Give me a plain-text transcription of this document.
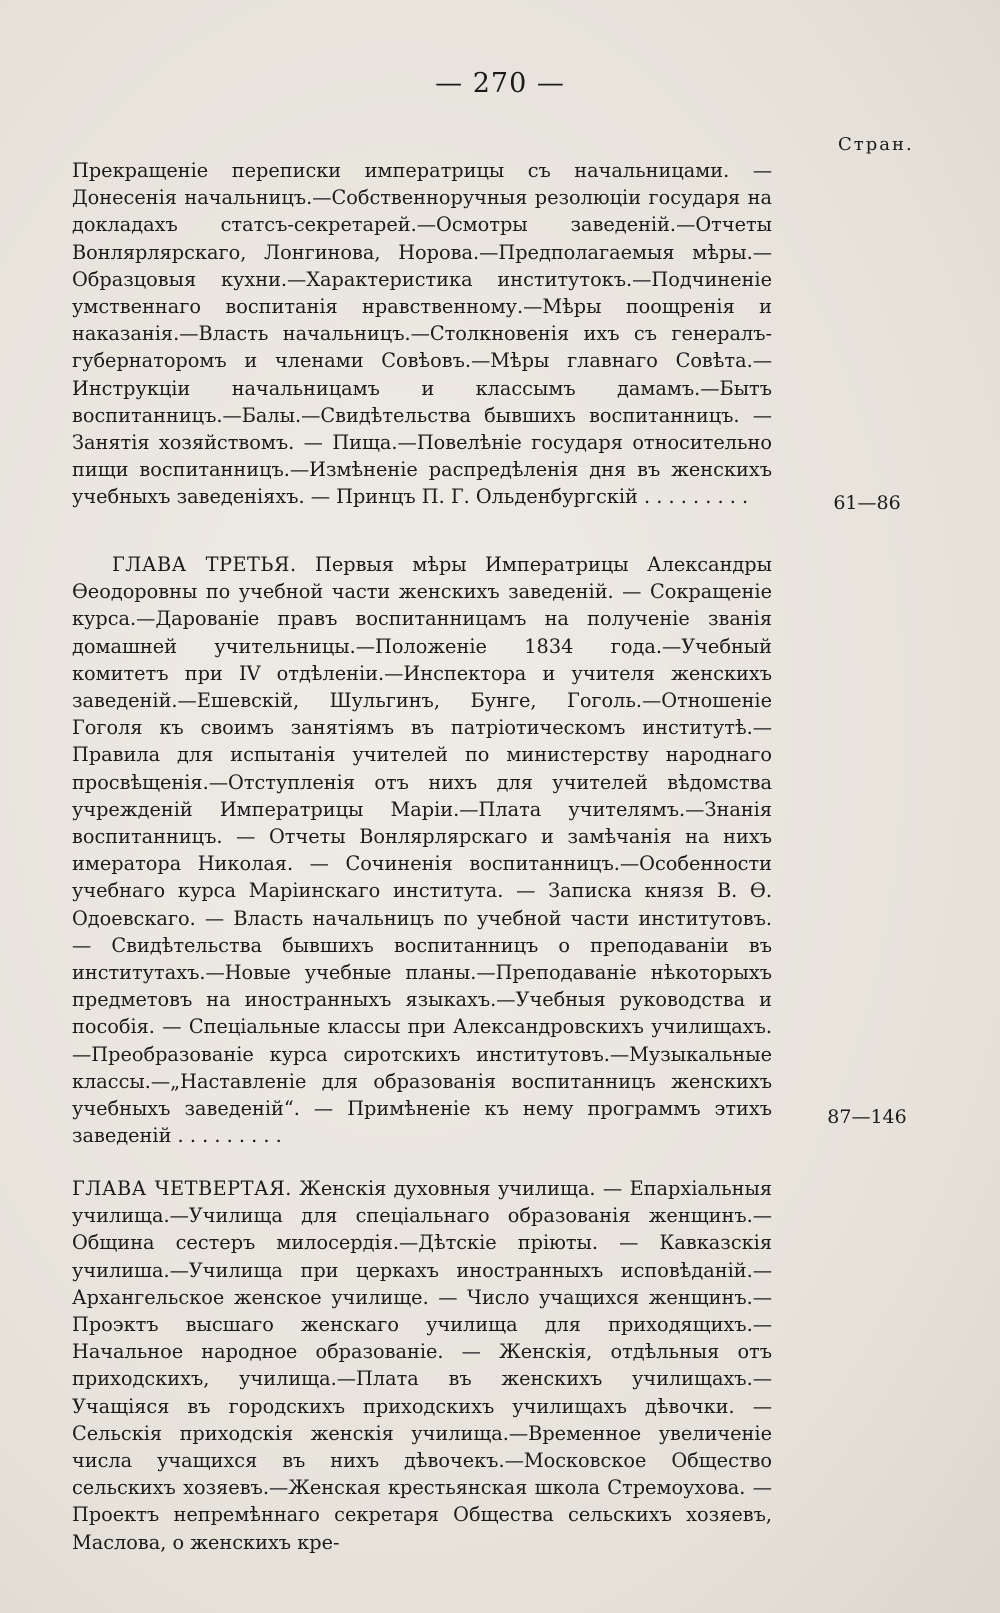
— 270 —
Стран.

Прекращенiе переписки императрицы съ начальницами. — Донесенiя начальницъ.—Собственноручныя резолюцiи государя на докладахъ статсъ-секретарей.—Осмотры заведенiй.—Отчеты Вонлярлярскаго, Лонгинова, Норова.—Предполагаемыя мѣры.—Образцовыя кухни.—Характеристика институтокъ.—Подчиненiе умственнаго воспитанiя нравственному.—Мѣры поощренiя и наказанiя.—Власть начальницъ.—Столкновенiя ихъ съ генералъ-губернаторомъ и членами Совѣовъ.—Мѣры главнаго Совѣта.—Инструкцiи начальницамъ и классымъ дамамъ.—Бытъ воспитанницъ.—Балы.—Свидѣтельства бывшихъ воспитанницъ. — Занятiя хозяйствомъ. — Пища.—Повелѣнiе государя относительно пищи воспитанницъ.—Измѣненiе распредѣленiя дня въ женскихъ учебныхъ заведенiяхъ. — Принцъ П. Г. Ольденбургскiй . . . . . . . . .	61—86

ГЛАВА ТРЕТЬЯ. Первыя мѣры Императрицы Александры Өеодоровны по учебной части женскихъ заведенiй. — Сокращенiе курса.—Дарованiе правъ воспитанницамъ на полученiе званiя домашней учительницы.—Положенiе 1834 года.—Учебный комитетъ при IV отдѣленiи.—Инспектора и учителя женскихъ заведенiй.—Ешевскiй, Шульгинъ, Бунге, Гоголь.—Отношенiе Гоголя къ своимъ занятiямъ въ патрiотическомъ институтѣ.—Правила для испытанiя учителей по министерству народнаго просвѣщенiя.—Отступленiя отъ нихъ для учителей вѣдомства учрежденiй Императрицы Марiи.—Плата учителямъ.—Знанiя воспитанницъ. — Отчеты Вонлярлярскаго и замѣчанiя на нихъ имератора Николая. — Сочиненiя воспитанницъ.—Особенности учебнаго курса Марiинскаго института. — Записка князя В. Ө. Одоевскаго. — Власть начальницъ по учебной части институтовъ. — Свидѣтельства бывшихъ воспитанницъ о преподаванiи въ институтахъ.—Новые учебные планы.—Преподаванiе нѣкоторыхъ предметовъ на иностранныхъ языкахъ.—Учебныя руководства и пособiя. — Спецiальные классы при Александровскихъ училищахъ.—Преобразованiе курса сиротскихъ институтовъ.—Музыкальные классы.—„Наставленiе для образованiя воспитанницъ женскихъ учебныхъ заведенiй“. — Примѣненiе къ нему программъ этихъ заведенiй . . . . . . . . .

87—146

ГЛАВА ЧЕТВЕРТАЯ. Женскiя духовныя училища. — Епархiальныя училища.—Училища для спецiальнаго образованiя женщинъ.—Община сестеръ милосердiя.—Дѣтскiе прiюты. — Кавказскiя училиша.—Училища при церкахъ иностранныхъ исповѣданiй.—Архангельское женское училище. — Число учащихся женщинъ.—Проэктъ высшаго женскаго училища для приходящихъ.—Начальное народное образованiе. — Женскiя, отдѣльныя отъ приходскихъ, училища.—Плата въ женскихъ училищахъ.—Учащiяся въ городскихъ приходскихъ училищахъ дѣвочки. — Сельскiя приходскiя женскiя училища.—Временное увеличенiе числа учащихся въ нихъ дѣвочекъ.—Московское Общество сельскихъ хозяевъ.—Женская крестьянская школа Стремоухова. — Проектъ непремѣннаго секретаря Общества сельскихъ хозяевъ, Маслова, о женскихъ кре-
